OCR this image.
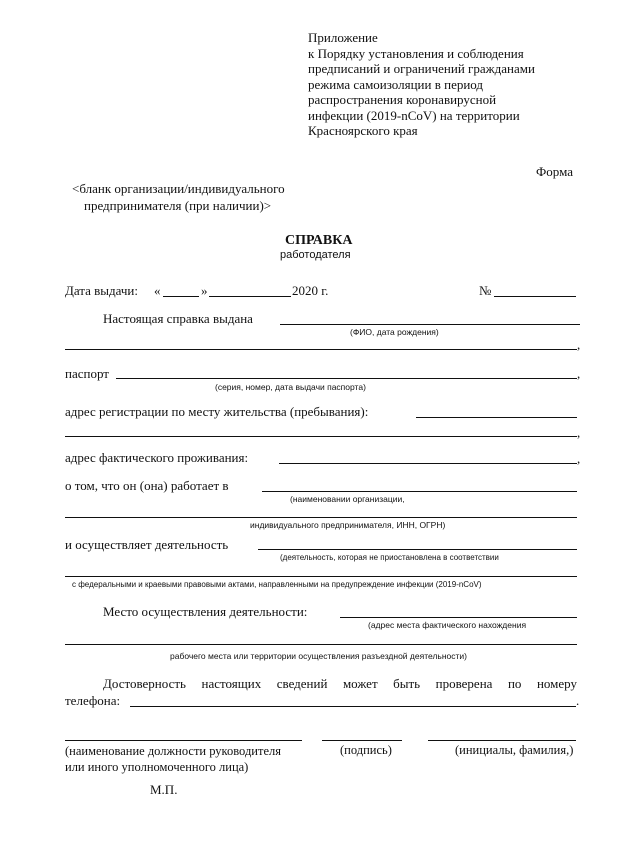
Приложение
к Порядку установления и соблюдения
предписаний и ограничений гражданами
режима самоизоляции в период
распространения коронавирусной
инфекции (2019-nCoV) на территории
Красноярского края
Форма
<бланк организации/индивидуального
предпринимателя (при наличии)>
СПРАВКА
работодателя
Дата выдачи: «	»	2020 г.	№
Настоящая справка выдана
(ФИО, дата рождения)
,
паспорт	,
(серия, номер, дата выдачи паспорта)
адрес регистрации по месту жительства (пребывания):
,
адрес фактического проживания:	,
о том, что он (она) работает в
(наименовании организации,
индивидуального предпринимателя, ИНН, ОГРН)
и осуществляет деятельность
(деятельность, которая не приостановлена в соответствии
с федеральными и краевыми правовыми актами, направленными на предупреждение инфекции (2019-nCoV)
Место осуществления деятельности:
(адрес места фактического нахождения
рабочего места или территории осуществления разъездной деятельности)
Достоверность настоящих сведений может быть проверена по номеру
телефона:	.
(наименование должности руководителя
или иного уполномоченного лица)
(подпись)	(инициалы, фамилия,)
М.П.
